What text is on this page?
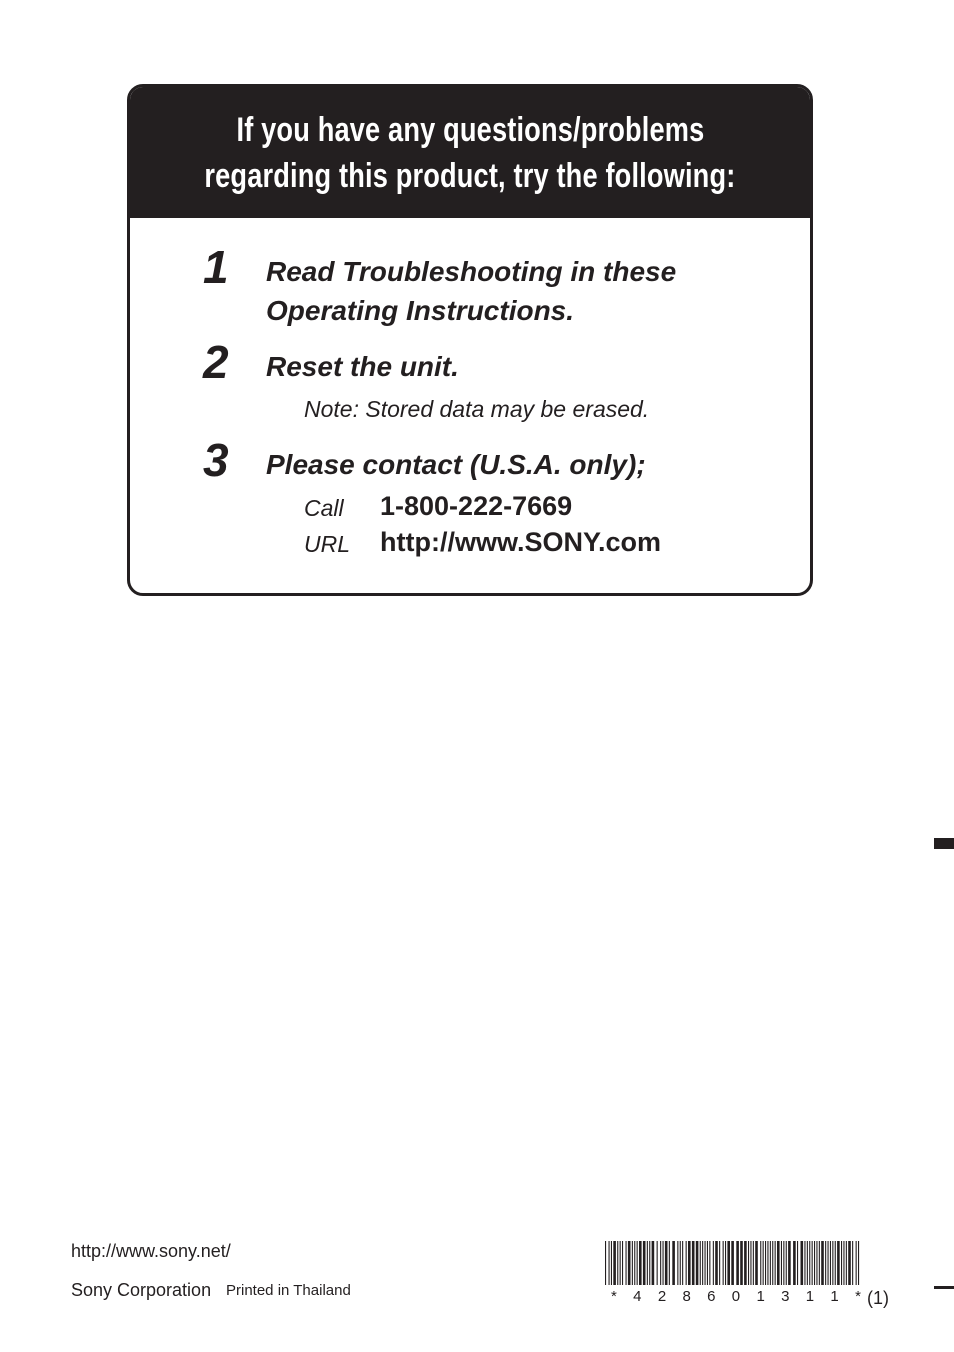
If you have any questions/problems
regarding this product, try the following:
1 Read Troubleshooting in these
Operating Instructions.
2 Reset the unit.
Note: Stored data may be erased.
3 Please contact (U.S.A. only);
Call 1-800-222-7669
URL http://www.SONY.com
http://www.sony.net/
Sony Corporation Printed in Thailand	* 4 2 8 6 0 1 3 1 1 * (1)
